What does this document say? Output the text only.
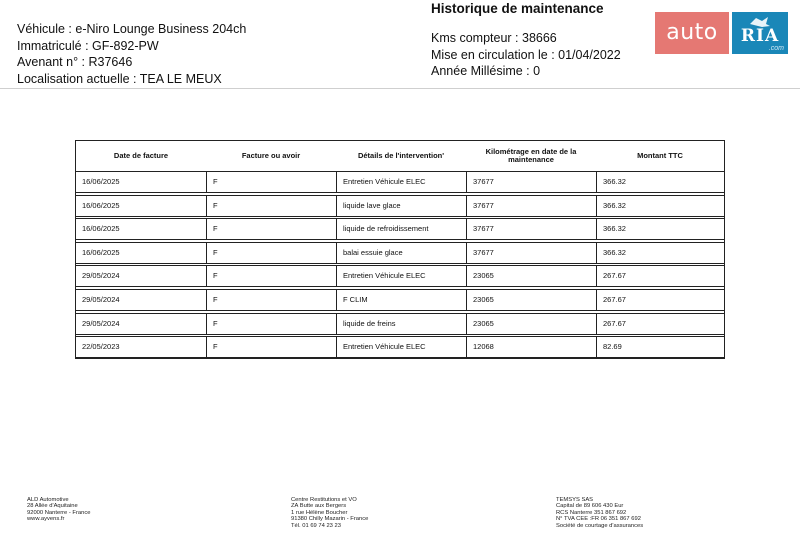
Historique de maintenance
Véhicule : e-Niro Lounge Business 204ch
Immatriculé : GF-892-PW
Avenant n° : R37646
Localisation actuelle : TEA LE MEUX
Kms compteur : 38666
Mise en circulation le : 01/04/2022
Année Millésime : 0
auto	RIA
.com
Date de facture	Facture ou avoir	Détails de l'intervention'	Kilométrage en date de la maintenance	Montant TTC
16/06/2025	F	Entretien Véhicule ELEC	37677	366.32
16/06/2025	F	liquide lave glace	37677	366.32
16/06/2025	F	liquide de refroidissement	37677	366.32
16/06/2025	F	balai essuie glace	37677	366.32
29/05/2024	F	Entretien Véhicule ELEC	23065	267.67
29/05/2024	F	F CLIM	23065	267.67
29/05/2024	F	liquide de freins	23065	267.67
22/05/2023	F	Entretien Véhicule ELEC	12068	82.69
ALD Automotive
28 Allée d'Aquitaine
92000 Nanterre - France
www.ayvens.fr
Centre Restitutions et VO
ZA Butte aux Bergers
1 rue Hélène Boucher
91380 Chilly Mazarin - France
Tél. 01 69 74 23 23
TEMSYS SAS
Capital de 89 606 430 Eur
RCS Nanterre 351 867 692
N° TVA CEE :FR 06 351 867 692
Société de courtage d'assurances
